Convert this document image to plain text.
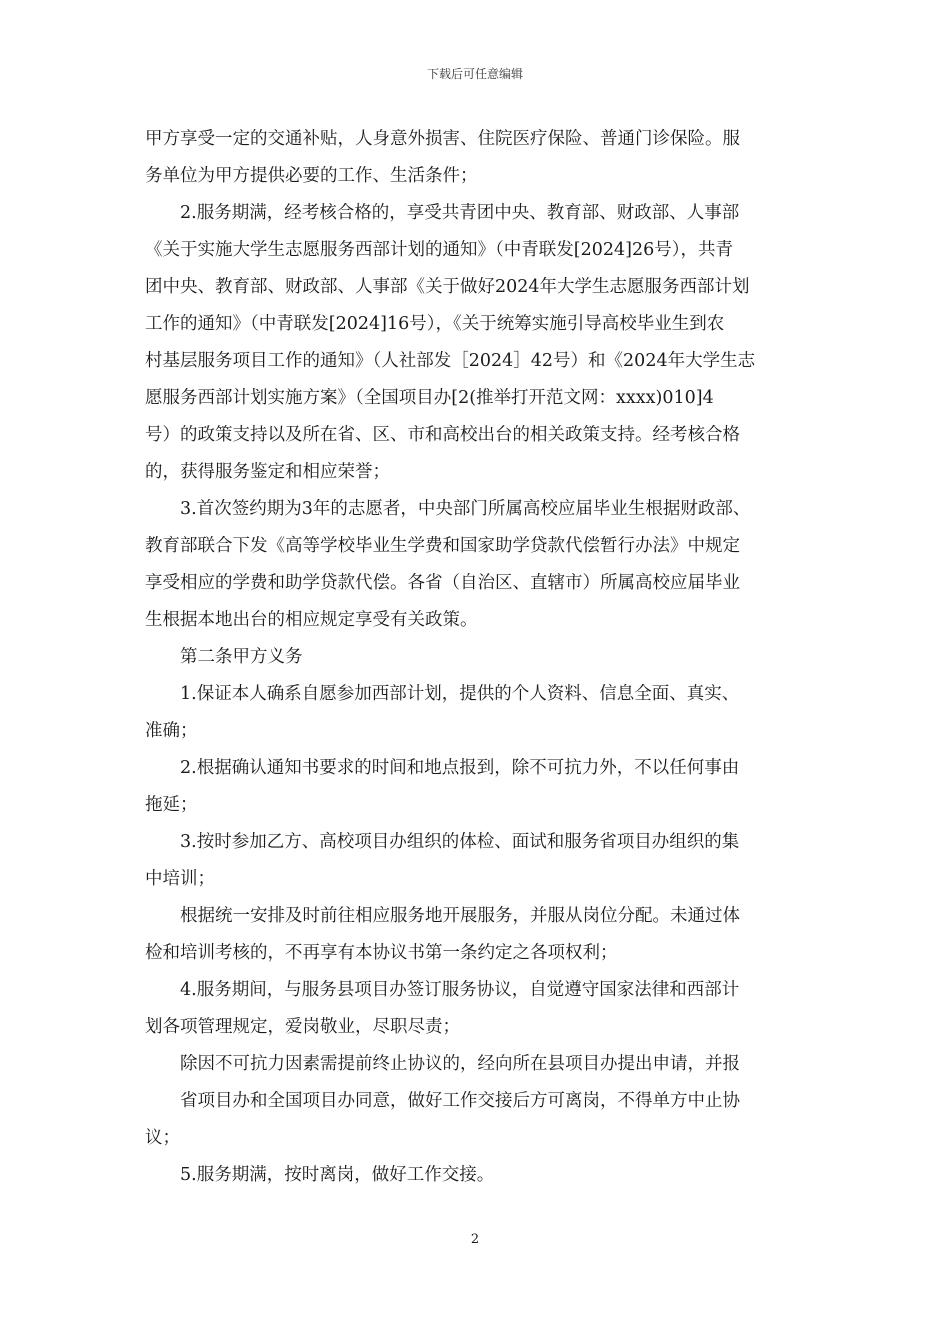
下载后可任意编辑
甲方享受一定的交通补贴，人身意外损害、住院医疗保险、普通门诊保险。服
务单位为甲方提供必要的工作、生活条件；
2.服务期满，经考核合格的，享受共青团中央、教育部、财政部、人事部
《关于实施大学生志愿服务西部计划的通知》（中青联发[2024]26号），共青
团中央、教育部、财政部、人事部《关于做好2024年大学生志愿服务西部计划
工作的通知》（中青联发[2024]16号），《关于统筹实施引导高校毕业生到农
村基层服务项目工作的通知》（人社部发［2024］42号）和《2024年大学生志
愿服务西部计划实施方案》（全国项目办[2(推举打开范文网：xxxx)010]4
号）的政策支持以及所在省、区、市和高校出台的相关政策支持。经考核合格
的，获得服务鉴定和相应荣誉；
3.首次签约期为3年的志愿者，中央部门所属高校应届毕业生根据财政部、
教育部联合下发《高等学校毕业生学费和国家助学贷款代偿暂行办法》中规定
享受相应的学费和助学贷款代偿。各省（自治区、直辖市）所属高校应届毕业
生根据本地出台的相应规定享受有关政策。
第二条甲方义务
1.保证本人确系自愿参加西部计划，提供的个人资料、信息全面、真实、
准确；
2.根据确认通知书要求的时间和地点报到，除不可抗力外，不以任何事由
拖延；
3.按时参加乙方、高校项目办组织的体检、面试和服务省项目办组织的集
中培训；
根据统一安排及时前往相应服务地开展服务，并服从岗位分配。未通过体
检和培训考核的，不再享有本协议书第一条约定之各项权利；
4.服务期间，与服务县项目办签订服务协议，自觉遵守国家法律和西部计
划各项管理规定，爱岗敬业，尽职尽责；
除因不可抗力因素需提前终止协议的，经向所在县项目办提出申请，并报
省项目办和全国项目办同意，做好工作交接后方可离岗，不得单方中止协
议；
5.服务期满，按时离岗，做好工作交接。
2
